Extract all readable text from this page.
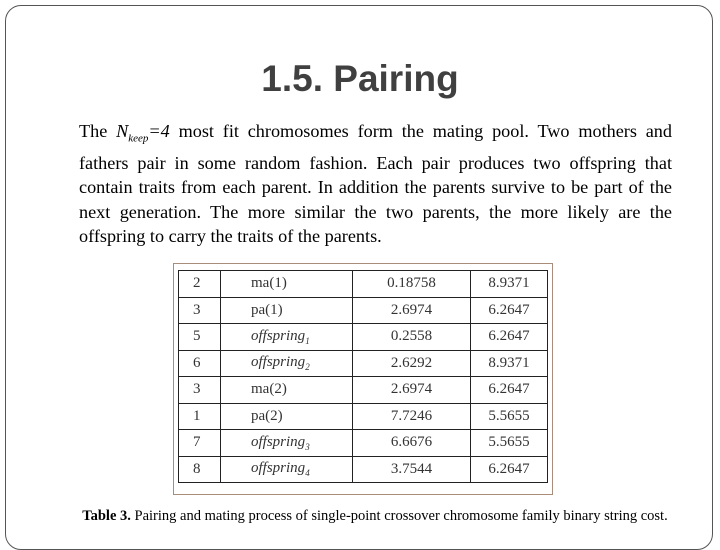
1.5. Pairing
The $N_{keep}=4$ most fit chromosomes form the mating pool. Two mothers and fathers pair in some random fashion. Each pair produces two offspring that contain traits from each parent. In addition the parents survive to be part of the next generation. The more similar the two parents, the more likely are the offspring to carry the traits of the parents.
2	ma(1)	0.18758	8.9371
3	pa(1)	2.6974	6.2647
5	offspring$_1$	0.2558	6.2647
6	offspring$_2$	2.6292	8.9371
3	ma(2)	2.6974	6.2647
1	pa(2)	7.7246	5.5655
7	offspring$_3$	6.6676	5.5655
8	offspring$_4$	3.7544	6.2647
Table 3. Pairing and mating process of single-point crossover chromosome family binary string cost.
